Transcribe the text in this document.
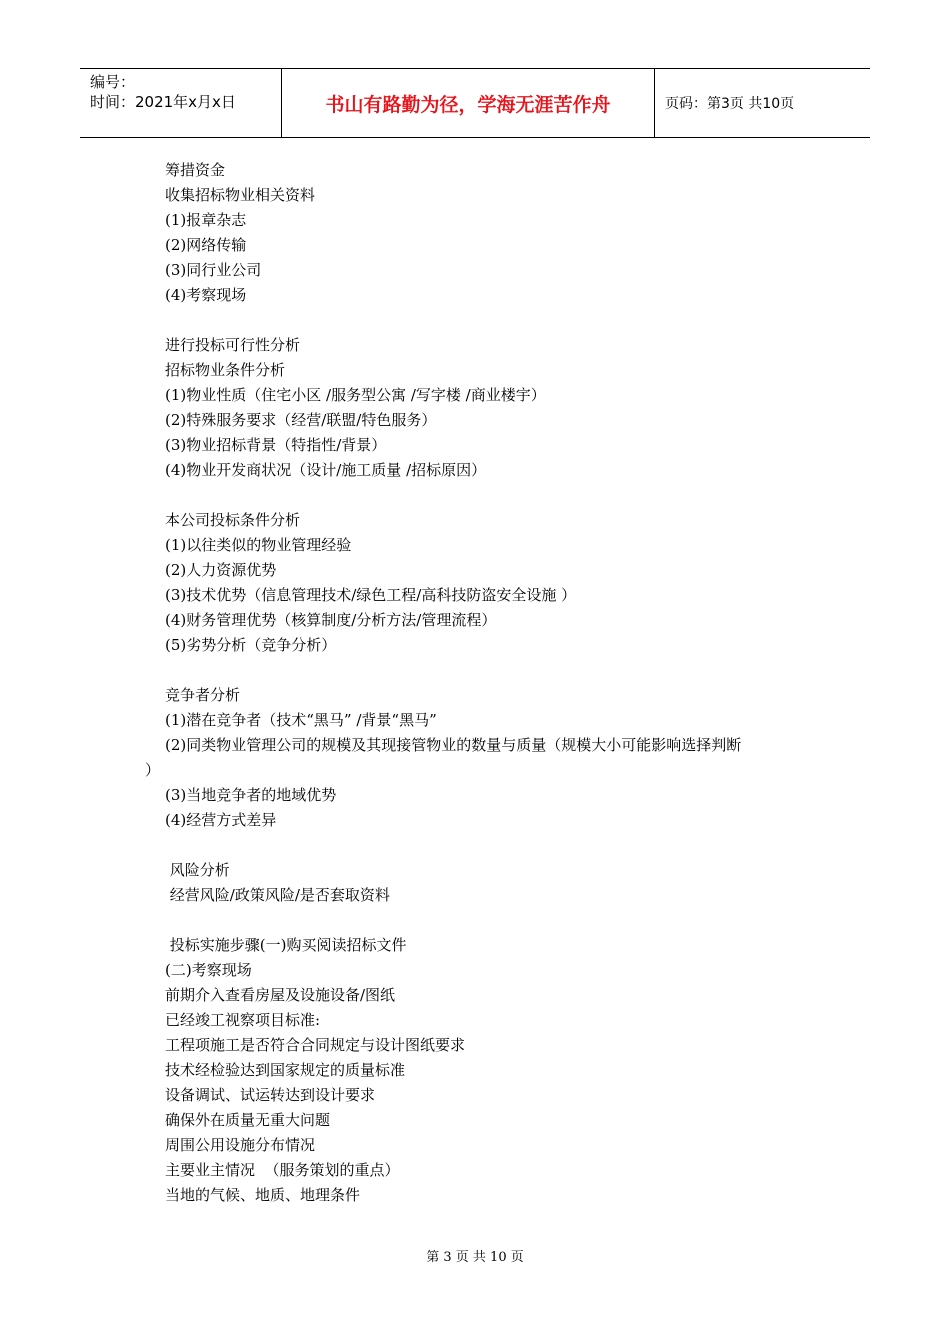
编号：
时间：2021年x月x日	书山有路勤为径，学海无涯苦作舟	页码：第3页 共10页
筹措资金
收集招标物业相关资料
(1)报章杂志
(2)网络传输
(3)同行业公司
(4)考察现场
进行投标可行性分析
招标物业条件分析
(1)物业性质（住宅小区 /服务型公寓 /写字楼 /商业楼宇）
(2)特殊服务要求（经营/联盟/特色服务）
(3)物业招标背景（特指性/背景）
(4)物业开发商状况（设计/施工质量 /招标原因）
本公司投标条件分析
(1)以往类似的物业管理经验
(2)人力资源优势
(3)技术优势（信息管理技术/绿色工程/高科技防盗安全设施 ）
(4)财务管理优势（核算制度/分析方法/管理流程）
(5)劣势分析（竞争分析）
竞争者分析
(1)潜在竞争者（技术“黑马” /背景“黑马”
(2)同类物业管理公司的规模及其现接管物业的数量与质量（规模大小可能影响选择判断
）
(3)当地竞争者的地域优势
(4)经营方式差异
风险分析
经营风险/政策风险/是否套取资料
投标实施步骤(一)购买阅读招标文件
(二)考察现场
前期介入查看房屋及设施设备/图纸
已经竣工视察项目标准:
工程项施工是否符合合同规定与设计图纸要求
技术经检验达到国家规定的质量标准
设备调试、试运转达到设计要求
确保外在质量无重大问题
周围公用设施分布情况
主要业主情况  （服务策划的重点）
当地的气候、地质、地理条件
第 3 页 共 10 页
